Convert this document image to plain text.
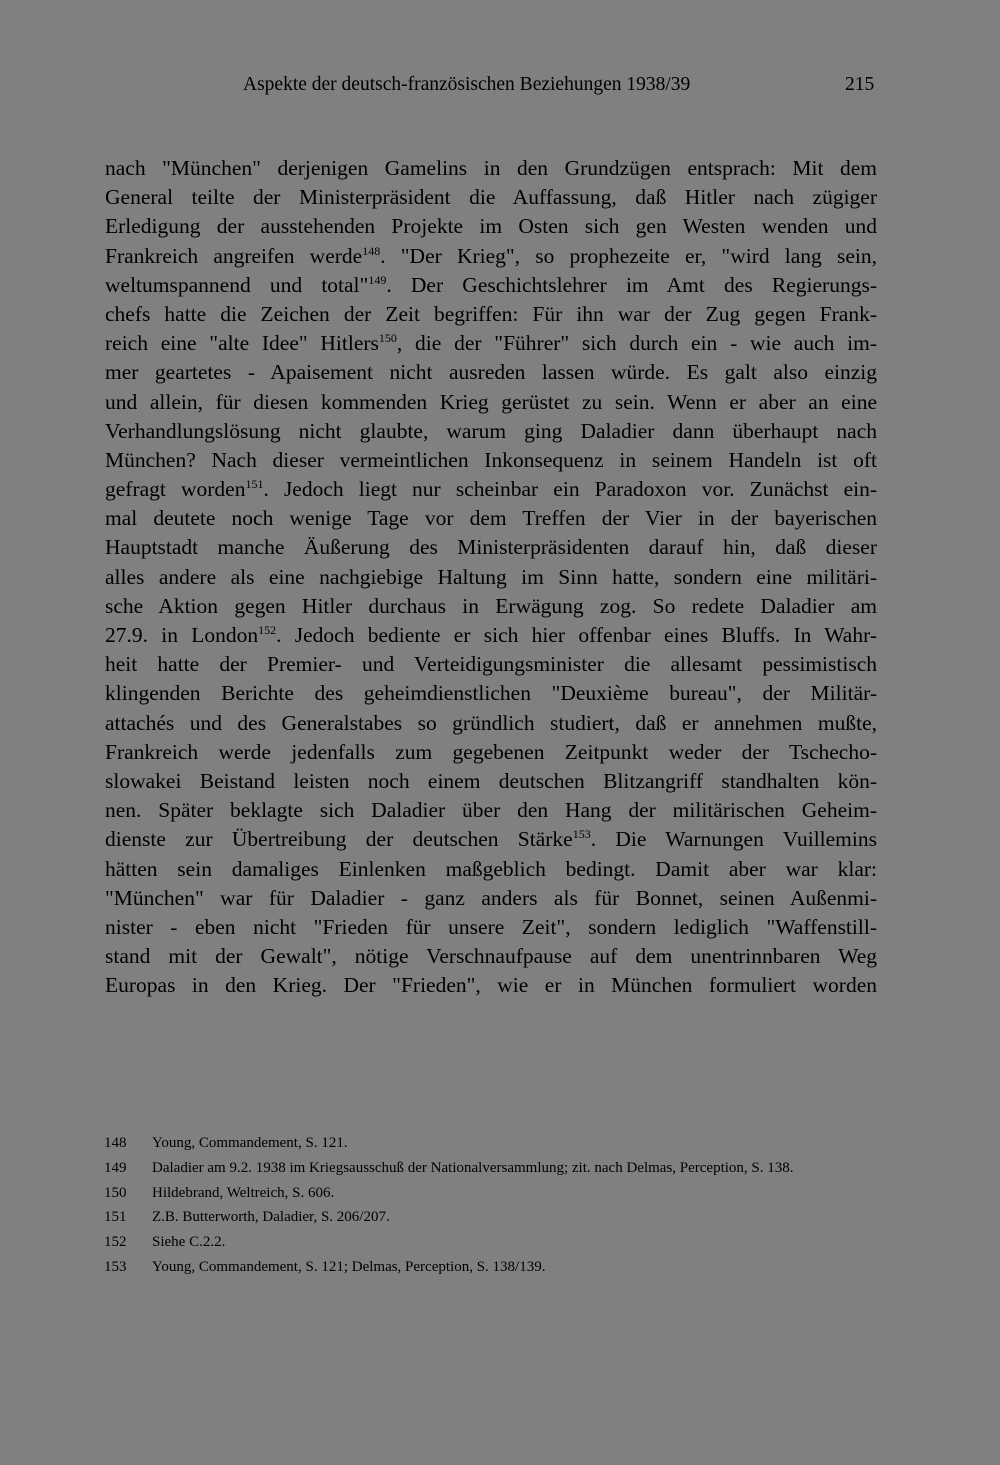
Aspekte der deutsch-französischen Beziehungen 1938/39	215
nach "München" derjenigen Gamelins in den Grundzügen entsprach: Mit dem
General teilte der Ministerpräsident die Auffassung, daß Hitler nach zügiger
Erledigung der ausstehenden Projekte im Osten sich gen Westen wenden und
Frankreich angreifen werde$^{148}$. "Der Krieg", so prophezeite er, "wird lang sein,
weltumspannend und total"$^{149}$. Der Geschichtslehrer im Amt des Regierungs-
chefs hatte die Zeichen der Zeit begriffen: Für ihn war der Zug gegen Frank-
reich eine "alte Idee" Hitlers$^{150}$, die der "Führer" sich durch ein - wie auch im-
mer geartetes - Apaisement nicht ausreden lassen würde. Es galt also einzig
und allein, für diesen kommenden Krieg gerüstet zu sein. Wenn er aber an eine
Verhandlungslösung nicht glaubte, warum ging Daladier dann überhaupt nach
München? Nach dieser vermeintlichen Inkonsequenz in seinem Handeln ist oft
gefragt worden$^{151}$. Jedoch liegt nur scheinbar ein Paradoxon vor. Zunächst ein-
mal deutete noch wenige Tage vor dem Treffen der Vier in der bayerischen
Hauptstadt manche Äußerung des Ministerpräsidenten darauf hin, daß dieser
alles andere als eine nachgiebige Haltung im Sinn hatte, sondern eine militäri-
sche Aktion gegen Hitler durchaus in Erwägung zog. So redete Daladier am
27.9. in London$^{152}$. Jedoch bediente er sich hier offenbar eines Bluffs. In Wahr-
heit hatte der Premier- und Verteidigungsminister die allesamt pessimistisch
klingenden Berichte des geheimdienstlichen "Deuxième bureau", der Militär-
attachés und des Generalstabes so gründlich studiert, daß er annehmen mußte,
Frankreich werde jedenfalls zum gegebenen Zeitpunkt weder der Tschecho-
slowakei Beistand leisten noch einem deutschen Blitzangriff standhalten kön-
nen. Später beklagte sich Daladier über den Hang der militärischen Geheim-
dienste zur Übertreibung der deutschen Stärke$^{153}$. Die Warnungen Vuillemins
hätten sein damaliges Einlenken maßgeblich bedingt. Damit aber war klar:
"München" war für Daladier - ganz anders als für Bonnet, seinen Außenmi-
nister - eben nicht "Frieden für unsere Zeit", sondern lediglich "Waffenstill-
stand mit der Gewalt", nötige Verschnaufpause auf dem unentrinnbaren Weg
Europas in den Krieg. Der "Frieden", wie er in München formuliert worden
148 Young, Commandement, S. 121.
149 Daladier am 9.2. 1938 im Kriegsausschuß der Nationalversammlung; zit. nach Delmas, Perception, S. 138.
150 Hildebrand, Weltreich, S. 606.
151 Z.B. Butterworth, Daladier, S. 206/207.
152 Siehe C.2.2.
153 Young, Commandement, S. 121; Delmas, Perception, S. 138/139.
